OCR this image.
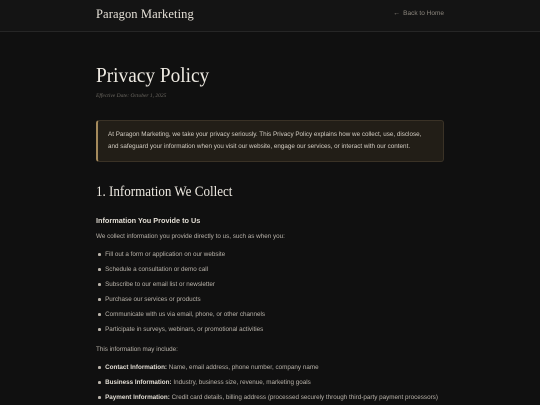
Paragon Marketing	← Back to Home
Privacy Policy
Effective Date: October 1, 2025
At Paragon Marketing, we take your privacy seriously. This Privacy Policy explains how we collect, use, disclose, and safeguard your information when you visit our website, engage our services, or interact with our content.
1. Information We Collect
Information You Provide to Us
We collect information you provide directly to us, such as when you:
Fill out a form or application on our website
Schedule a consultation or demo call
Subscribe to our email list or newsletter
Purchase our services or products
Communicate with us via email, phone, or other channels
Participate in surveys, webinars, or promotional activities
This information may include:
Contact Information:
Name, email address, phone number, company name
Business Information:
Industry, business size, revenue, marketing goals
Payment Information:
Credit card details, billing address (processed securely through third-party payment processors)
